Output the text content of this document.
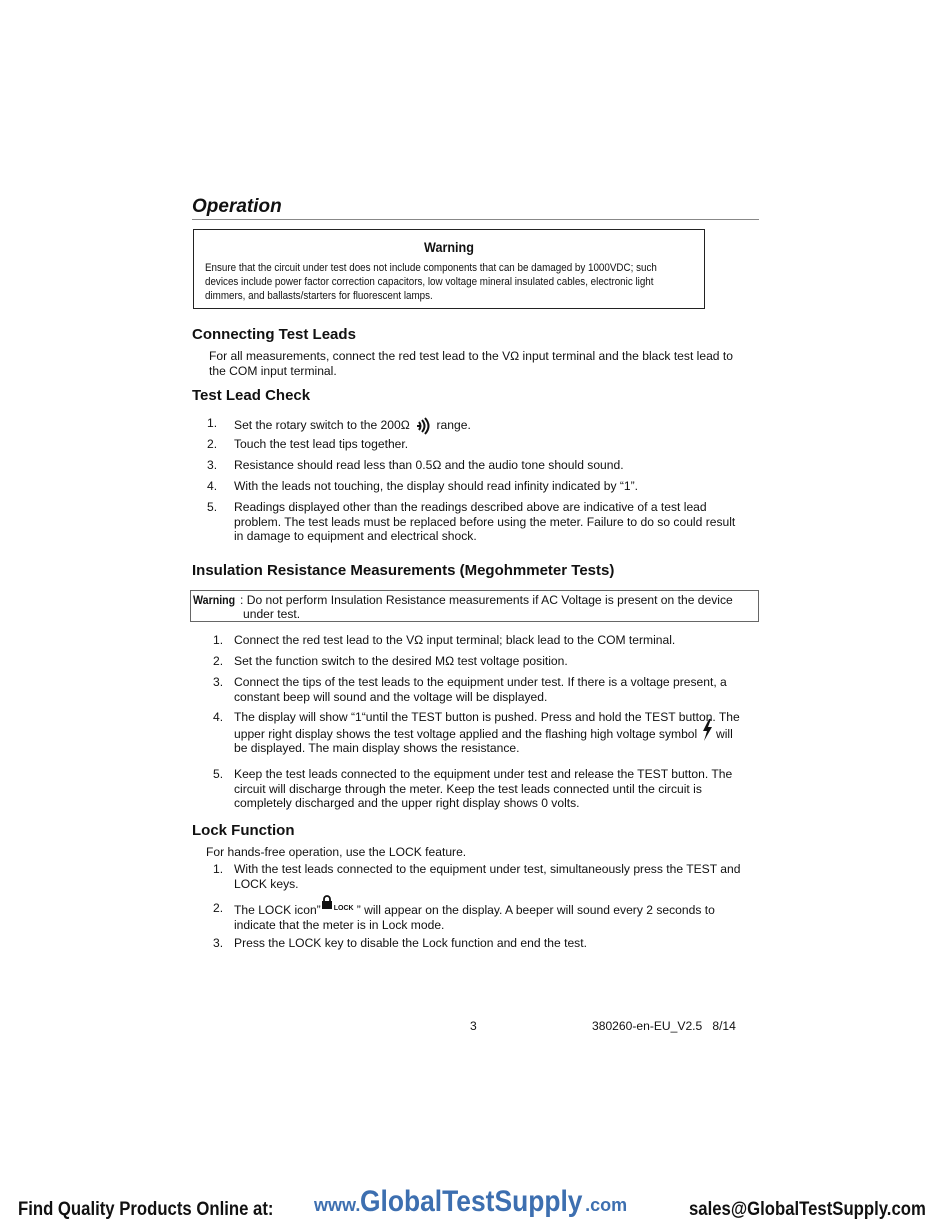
Operation
Warning
Ensure that the circuit under test does not include components that can be damaged by 1000VDC; such
devices include power factor correction capacitors, low voltage mineral insulated cables, electronic light
dimmers, and ballasts/starters for fluorescent lamps.
Connecting Test Leads
For all measurements, connect the red test lead to the VΩ input terminal and the black test lead to
the COM input terminal.
Test Lead Check
1. Set the rotary switch to the 200Ω range.
2. Touch the test lead tips together.
3. Resistance should read less than 0.5Ω and the audio tone should sound.
4. With the leads not touching, the display should read infinity indicated by “1”.
5. Readings displayed other than the readings described above are indicative of a test lead
problem. The test leads must be replaced before using the meter. Failure to do so could result
in damage to equipment and electrical shock.
Insulation Resistance Measurements (Megohmmeter Tests)
Warning : Do not perform Insulation Resistance measurements if AC Voltage is present on the device
under test.
1. Connect the red test lead to the VΩ input terminal; black lead to the COM terminal.
2. Set the function switch to the desired MΩ test voltage position.
3. Connect the tips of the test leads to the equipment under test. If there is a voltage present, a
constant beep will sound and the voltage will be displayed.
4. The display will show “1“until the TEST button is pushed. Press and hold the TEST button. The
upper right display shows the test voltage applied and the flashing high voltage symbol will
be displayed. The main display shows the resistance.
5. Keep the test leads connected to the equipment under test and release the TEST button. The
circuit will discharge through the meter. Keep the test leads connected until the circuit is
completely discharged and the upper right display shows 0 volts.
Lock Function
For hands-free operation, use the LOCK feature.
1. With the test leads connected to the equipment under test, simultaneously press the TEST and
LOCK keys.
2. The LOCK icon” LOCK ” will appear on the display. A beeper will sound every 2 seconds to
indicate that the meter is in Lock mode.
3. Press the LOCK key to disable the Lock function and end the test.
3	380260-en-EU_V2.5   8/14
Find Quality Products Online at: www.GlobalTestSupply .com	sales@GlobalTestSupply.com
